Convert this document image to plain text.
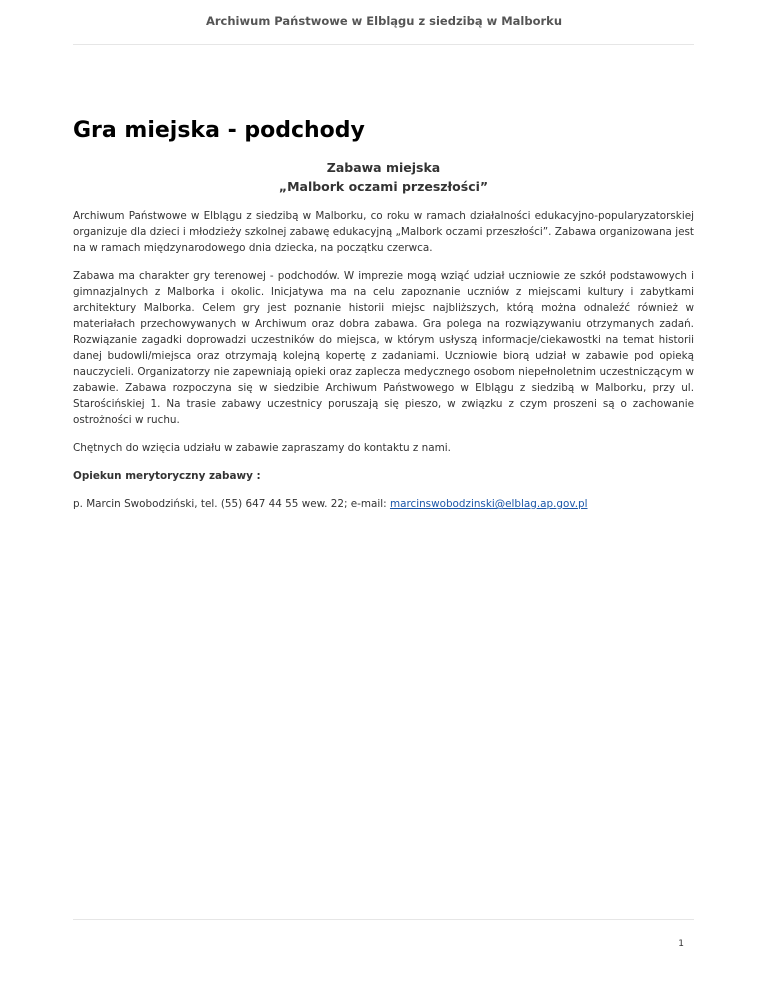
Archiwum Państwowe w Elblągu z siedzibą w Malborku
Gra miejska - podchody
Zabawa miejska
„Malbork oczami przeszłości”

Archiwum Państwowe w Elblągu z siedzibą w Malborku, co roku w ramach działalności edukacyjno-popularyzatorskiej organizuje dla dzieci i młodzieży szkolnej zabawę edukacyjną „Malbork oczami przeszłości”. Zabawa organizowana jest na w ramach międzynarodowego dnia dziecka, na początku czerwca.

Zabawa ma charakter gry terenowej - podchodów. W imprezie mogą wziąć udział uczniowie ze szkół podstawowych i gimnazjalnych z Malborka i okolic. Inicjatywa ma na celu zapoznanie uczniów z miejscami kultury i zabytkami architektury Malborka. Celem gry jest poznanie historii miejsc najbliższych, którą można odnaleźć również w materiałach przechowywanych w Archiwum oraz dobra zabawa. Gra polega na rozwiązywaniu otrzymanych zadań. Rozwiązanie zagadki doprowadzi uczestników do miejsca, w którym usłyszą informacje/ciekawostki na temat historii danej budowli/miejsca oraz otrzymają kolejną kopertę z zadaniami. Uczniowie biorą udział w zabawie pod opieką nauczycieli. Organizatorzy nie zapewniają opieki oraz zaplecza medycznego osobom niepełnoletnim uczestniczącym w zabawie. Zabawa rozpoczyna się w siedzibie Archiwum Państwowego w Elblągu z siedzibą w Malborku, przy ul. Starościńskiej 1. Na trasie zabawy uczestnicy poruszają się pieszo, w związku z czym proszeni są o zachowanie ostrożności w ruchu.

Chętnych do wzięcia udziału w zabawie zapraszamy do kontaktu z nami.

Opiekun merytoryczny zabawy :

p. Marcin Swobodziński, tel. (55) 647 44 55 wew. 22; e-mail: marcinswobodzinski@elblag.ap.gov.pl

1
